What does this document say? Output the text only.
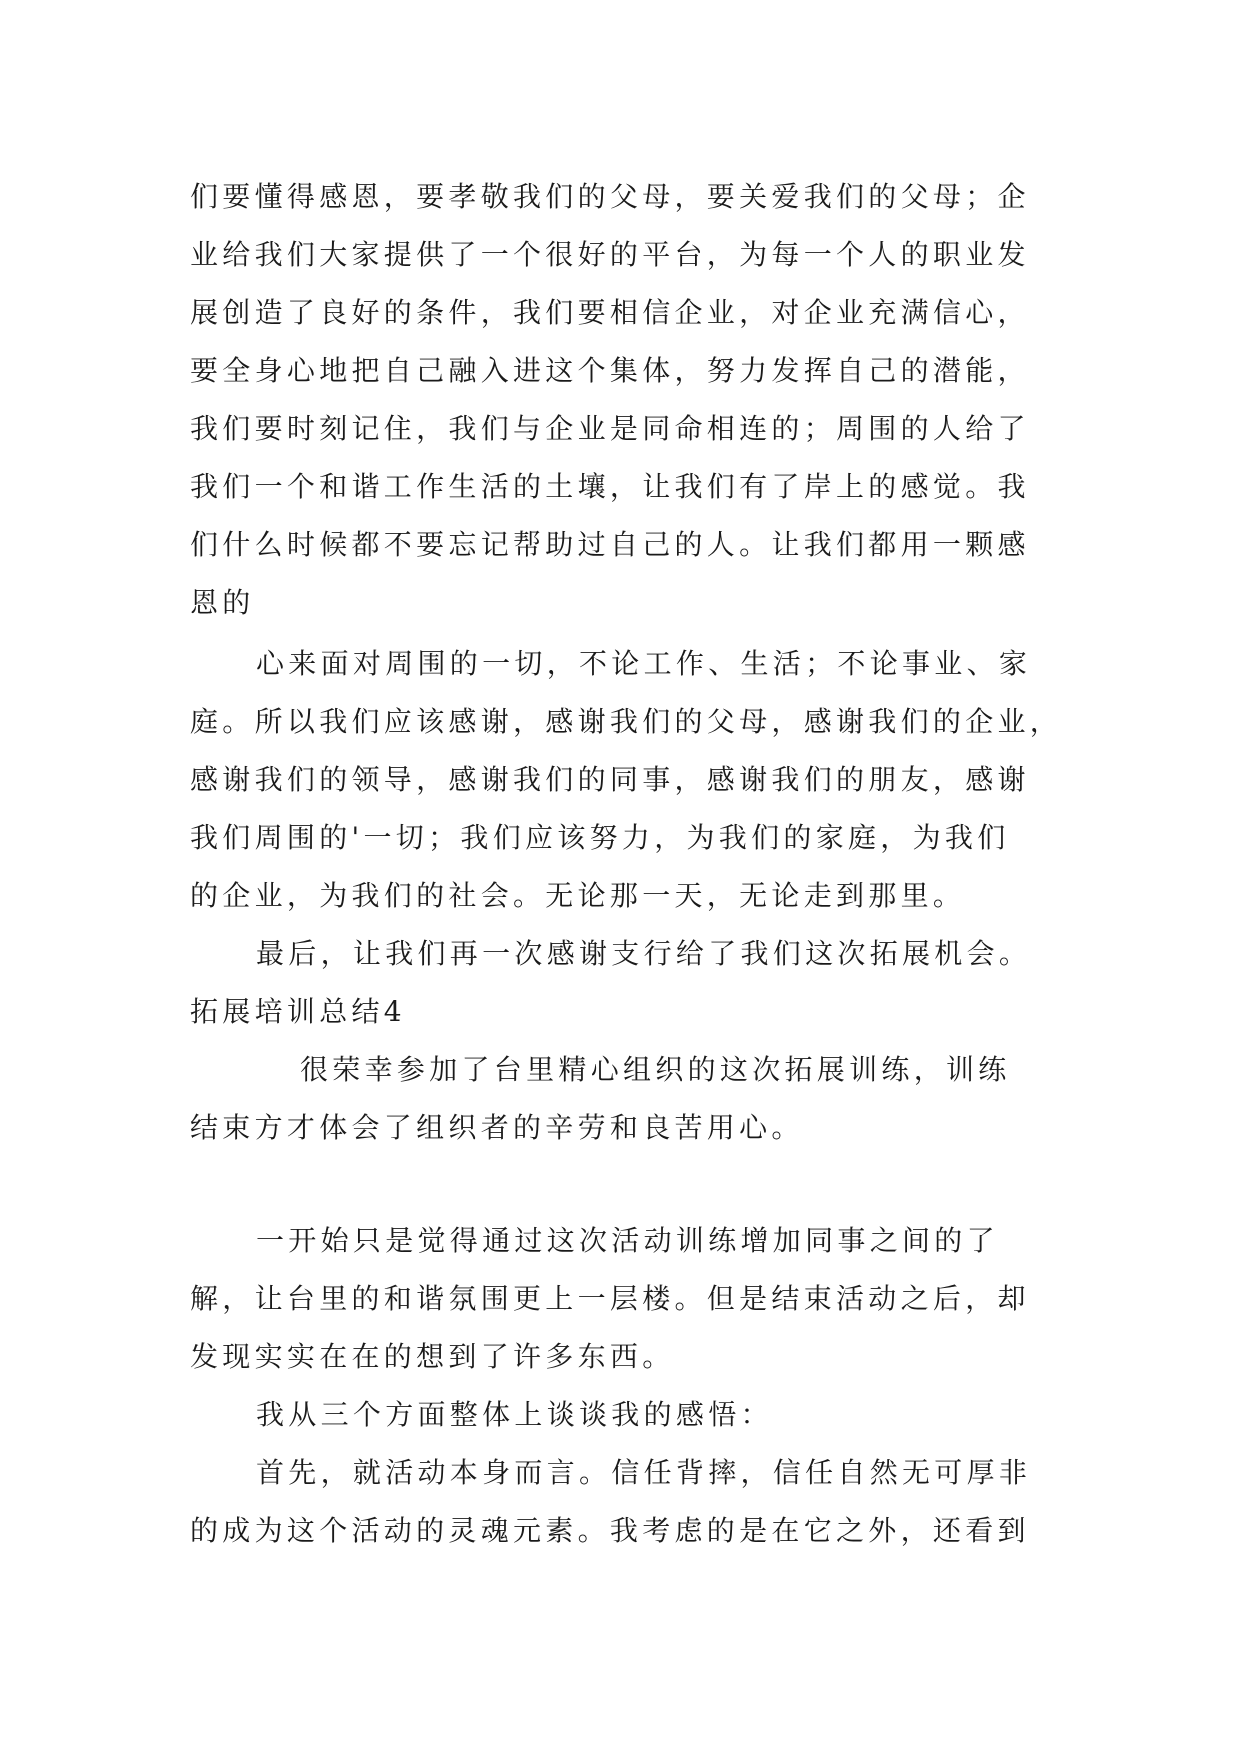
们要懂得感恩，要孝敬我们的父母，要关爱我们的父母；企
业给我们大家提供了一个很好的平台，为每一个人的职业发
展创造了良好的条件，我们要相信企业，对企业充满信心，
要全身心地把自己融入进这个集体，努力发挥自己的潜能，
我们要时刻记住，我们与企业是同命相连的；周围的人给了
我们一个和谐工作生活的土壤，让我们有了岸上的感觉。我
们什么时候都不要忘记帮助过自己的人。让我们都用一颗感
恩的
心来面对周围的一切，不论工作、生活；不论事业、家
庭。所以我们应该感谢，感谢我们的父母，感谢我们的企业，
感谢我们的领导，感谢我们的同事，感谢我们的朋友，感谢
我们周围的'一切；我们应该努力，为我们的家庭，为我们
的企业，为我们的社会。无论那一天，无论走到那里。
最后，让我们再一次感谢支行给了我们这次拓展机会。
拓展培训总结4
很荣幸参加了台里精心组织的这次拓展训练，训练
结束方才体会了组织者的辛劳和良苦用心。
一开始只是觉得通过这次活动训练增加同事之间的了
解，让台里的和谐氛围更上一层楼。但是结束活动之后，却
发现实实在在的想到了许多东西。
我从三个方面整体上谈谈我的感悟：
首先，就活动本身而言。信任背摔，信任自然无可厚非
的成为这个活动的灵魂元素。我考虑的是在它之外，还看到
